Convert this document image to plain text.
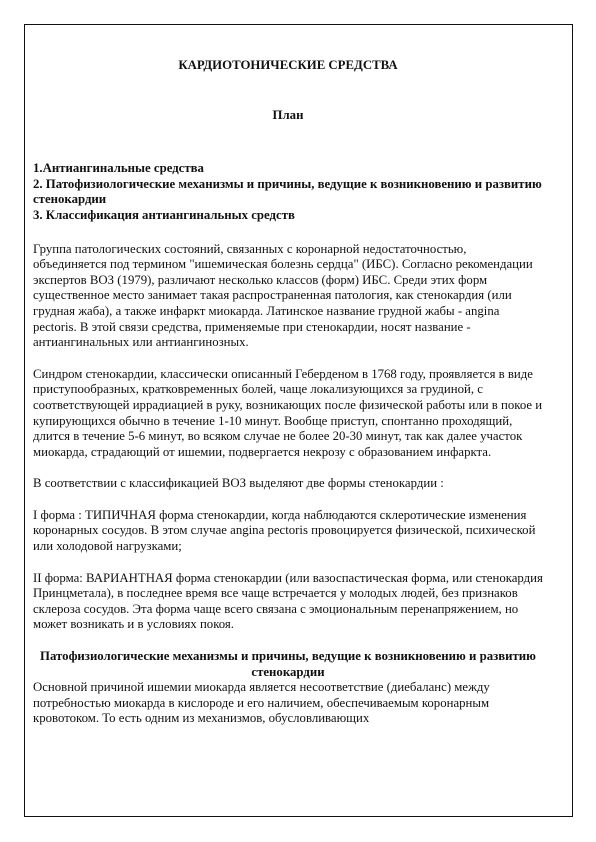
КАРДИОТОНИЧЕСКИЕ СРЕДСТВА

План

1.Антиангинальные средства
2. Патофизиологические механизмы и причины, ведущие к возникновению и развитию стенокардии
3. Классификация антиангинальных средств

Группа патологических состояний, связанных с коронарной недостаточностью, объединяется под термином "ишемическая болезнь сердца" (ИБС). Согласно рекомендации экспертов ВОЗ (1979), различают несколько классов (форм) ИБС. Среди этих форм существенное место занимает такая распространенная патология, как стенокардия (или грудная жаба), а также инфаркт миокарда. Латинское название грудной жабы - angina pectoris. В этой связи средства, применяемые при стенокардии, носят название - антиангинальных или антиангинозных.

Синдром стенокардии, классически описанный Геберденом в 1768 году, проявляется в виде приступообразных, кратковременных болей, чаще локализующихся за грудиной, с соответствующей иррадиацией в руку, возникающих после физической работы или в покое и купирующихся обычно в течение 1-10 минут. Вообще приступ, спонтанно проходящий, длится в течение 5-6 минут, во всяком случае не более 20-30 минут, так как далее участок миокарда, страдающий от ишемии, подвергается некрозу с образованием инфаркта.

В соответствии с классификацией ВОЗ выделяют две формы стенокардии :

I форма : ТИПИЧНАЯ форма стенокардии, когда наблюдаются склеротические изменения коронарных сосудов. В этом случае angina pectoris провоцируется физической, психической или холодовой нагрузками;

II форма: ВАРИАНТНАЯ форма стенокардии (или вазоспастическая форма, или стенокардия Принцметала), в последнее время все чаще встречается у молодых людей, без признаков склероза сосудов. Эта форма чаще всего связана с эмоциональным перенапряжением, но может возникать и в условиях покоя.

Патофизиологические механизмы и причины, ведущие к возникновению и развитию стенокардии

Основной причиной ишемии миокарда является несоответствие (диебаланс) между потребностью миокарда в кислороде и его наличием, обеспечиваемым коронарным кровотоком. То есть одним из механизмов, обусловливающих
